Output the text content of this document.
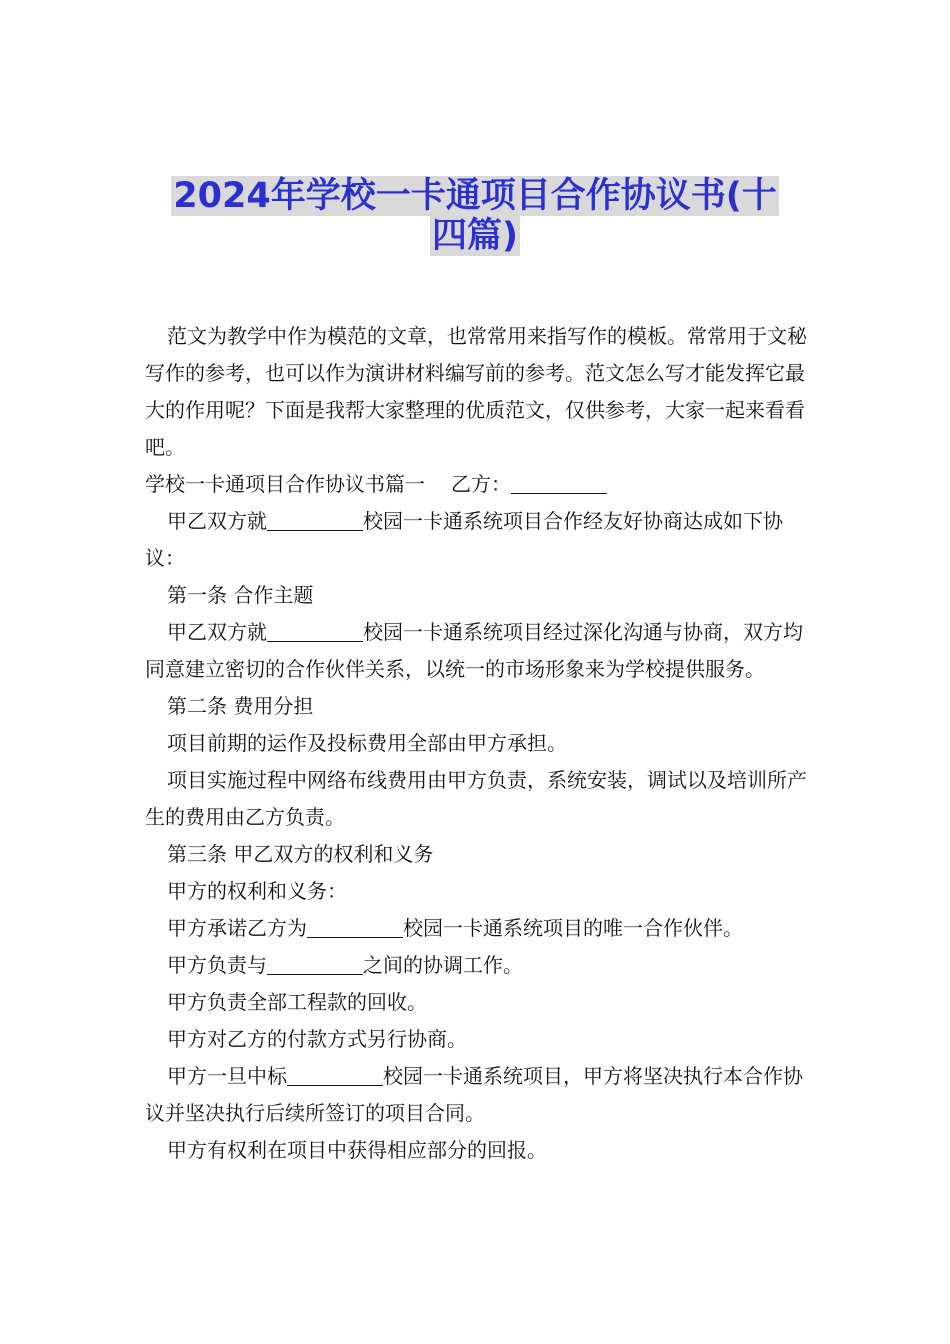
2024年学校一卡通项目合作协议书(十
四篇)

范文为教学中作为模范的文章，也常常用来指写作的模板。常常用于文秘写作的参考，也可以作为演讲材料编写前的参考。范文怎么写才能发挥它最大的作用呢？下面是我帮大家整理的优质范文，仅供参考，大家一起来看看吧。

学校一卡通项目合作协议书篇一 乙方：

甲乙双方就	校园一卡通系统项目合作经友好协商达成如下协议：

第一条 合作主题

甲乙双方就	校园一卡通系统项目经过深化沟通与协商，双方均同意建立密切的合作伙伴关系，以统一的市场形象来为学校提供服务。

第二条 费用分担

项目前期的运作及投标费用全部由甲方承担。

项目实施过程中网络布线费用由甲方负责，系统安装，调试以及培训所产生的费用由乙方负责。

第三条 甲乙双方的权利和义务

甲方的权利和义务：

甲方承诺乙方为	校园一卡通系统项目的唯一合作伙伴。

甲方负责与	之间的协调工作。

甲方负责全部工程款的回收。

甲方对乙方的付款方式另行协商。

甲方一旦中标	校园一卡通系统项目，甲方将坚决执行本合作协议并坚决执行后续所签订的项目合同。

甲方有权利在项目中获得相应部分的回报。
